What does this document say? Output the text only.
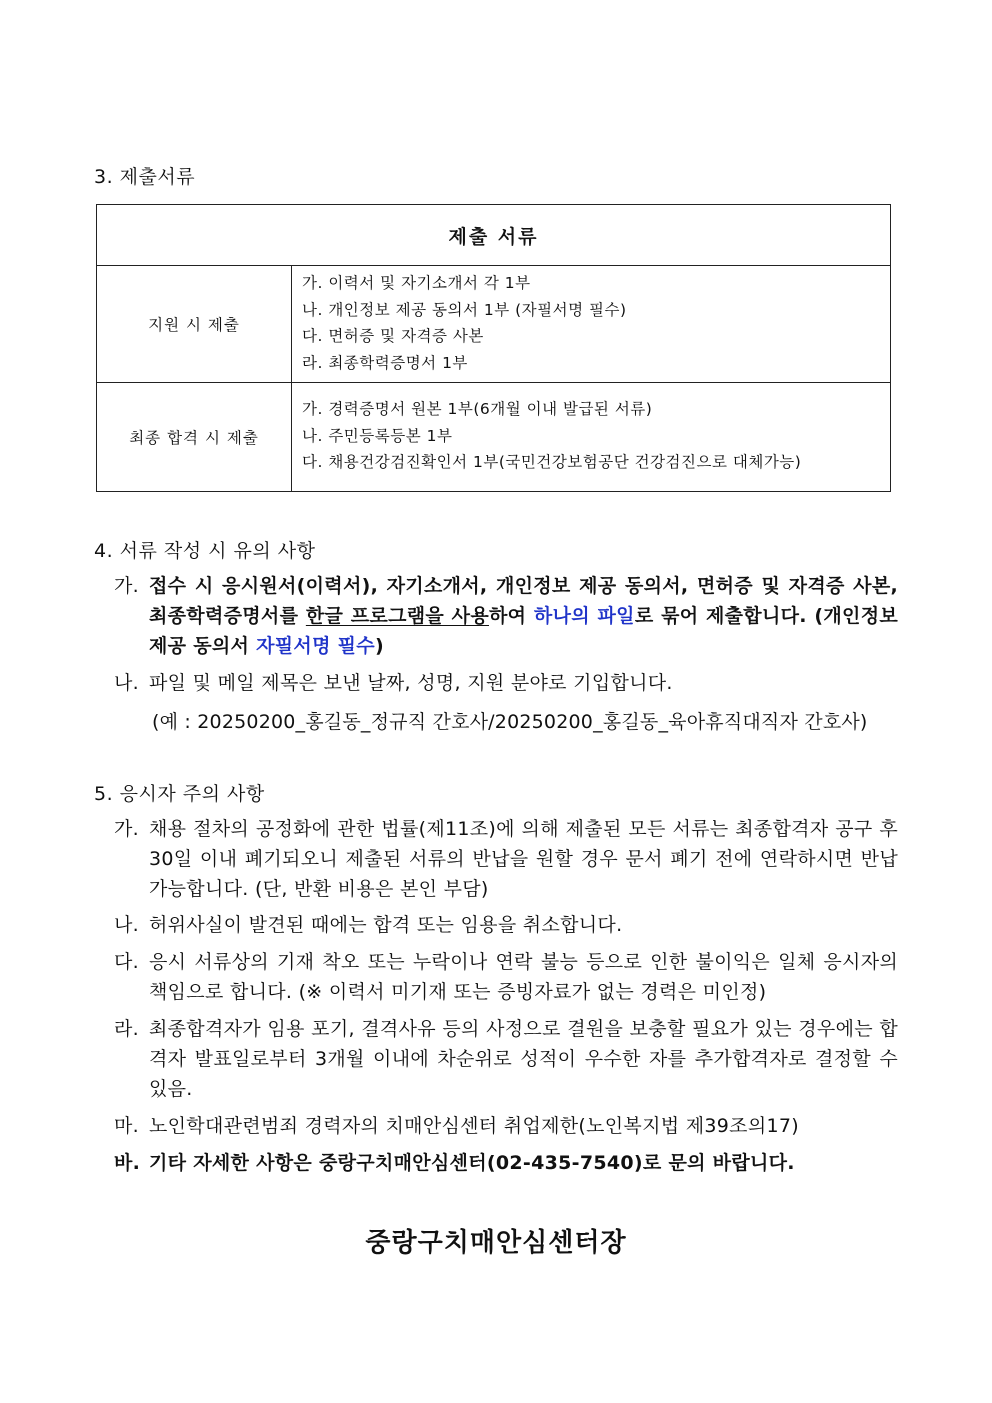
3. 제출서류
제출 서류	
지원 시 제출	가. 이력서 및 자기소개서 각 1부
나. 개인정보 제공 동의서 1부 (자필서명 필수)
다. 면허증 및 자격증 사본
라. 최종학력증명서 1부

최종 합격 시 제출	가. 경력증명서 원본 1부(6개월 이내 발급된 서류)
나. 주민등록등본 1부
다. 채용건강검진확인서 1부(국민건강보험공단 건강검진으로 대체가능)
4. 서류 작성 시 유의 사항
가. 접수 시 응시원서(이력서), 자기소개서, 개인정보 제공 동의서, 면허증 및 자격증 사본, 최종학력증명서를 한글 프로그램을 사용하여 하나의 파일로 묶어 제출합니다. (개인정보 제공 동의서 자필서명 필수)
나. 파일 및 메일 제목은 보낸 날짜, 성명, 지원 분야로 기입합니다.
(예 : 20250200_홍길동_정규직 간호사/20250200_홍길동_육아휴직대직자 간호사)
5. 응시자 주의 사항
가. 채용 절차의 공정화에 관한 법률(제11조)에 의해 제출된 모든 서류는 최종합격자 공구 후 30일 이내 폐기되오니 제출된 서류의 반납을 원할 경우 문서 폐기 전에 연락하시면 반납 가능합니다. (단, 반환 비용은 본인 부담)
나. 허위사실이 발견된 때에는 합격 또는 임용을 취소합니다.
다. 응시 서류상의 기재 착오 또는 누락이나 연락 불능 등으로 인한 불이익은 일체 응시자의 책임으로 합니다. (※ 이력서 미기재 또는 증빙자료가 없는 경력은 미인정)
라. 최종합격자가 임용 포기, 결격사유 등의 사정으로 결원을 보충할 필요가 있는 경우에는 합격자 발표일로부터 3개월 이내에 차순위로 성적이 우수한 자를 추가합격자로 결정할 수 있음.
마. 노인학대관련범죄 경력자의 치매안심센터 취업제한(노인복지법 제39조의17)
바. 기타 자세한 사항은 중랑구치매안심센터(02-435-7540)로 문의 바랍니다.
중랑구치매안심센터장
